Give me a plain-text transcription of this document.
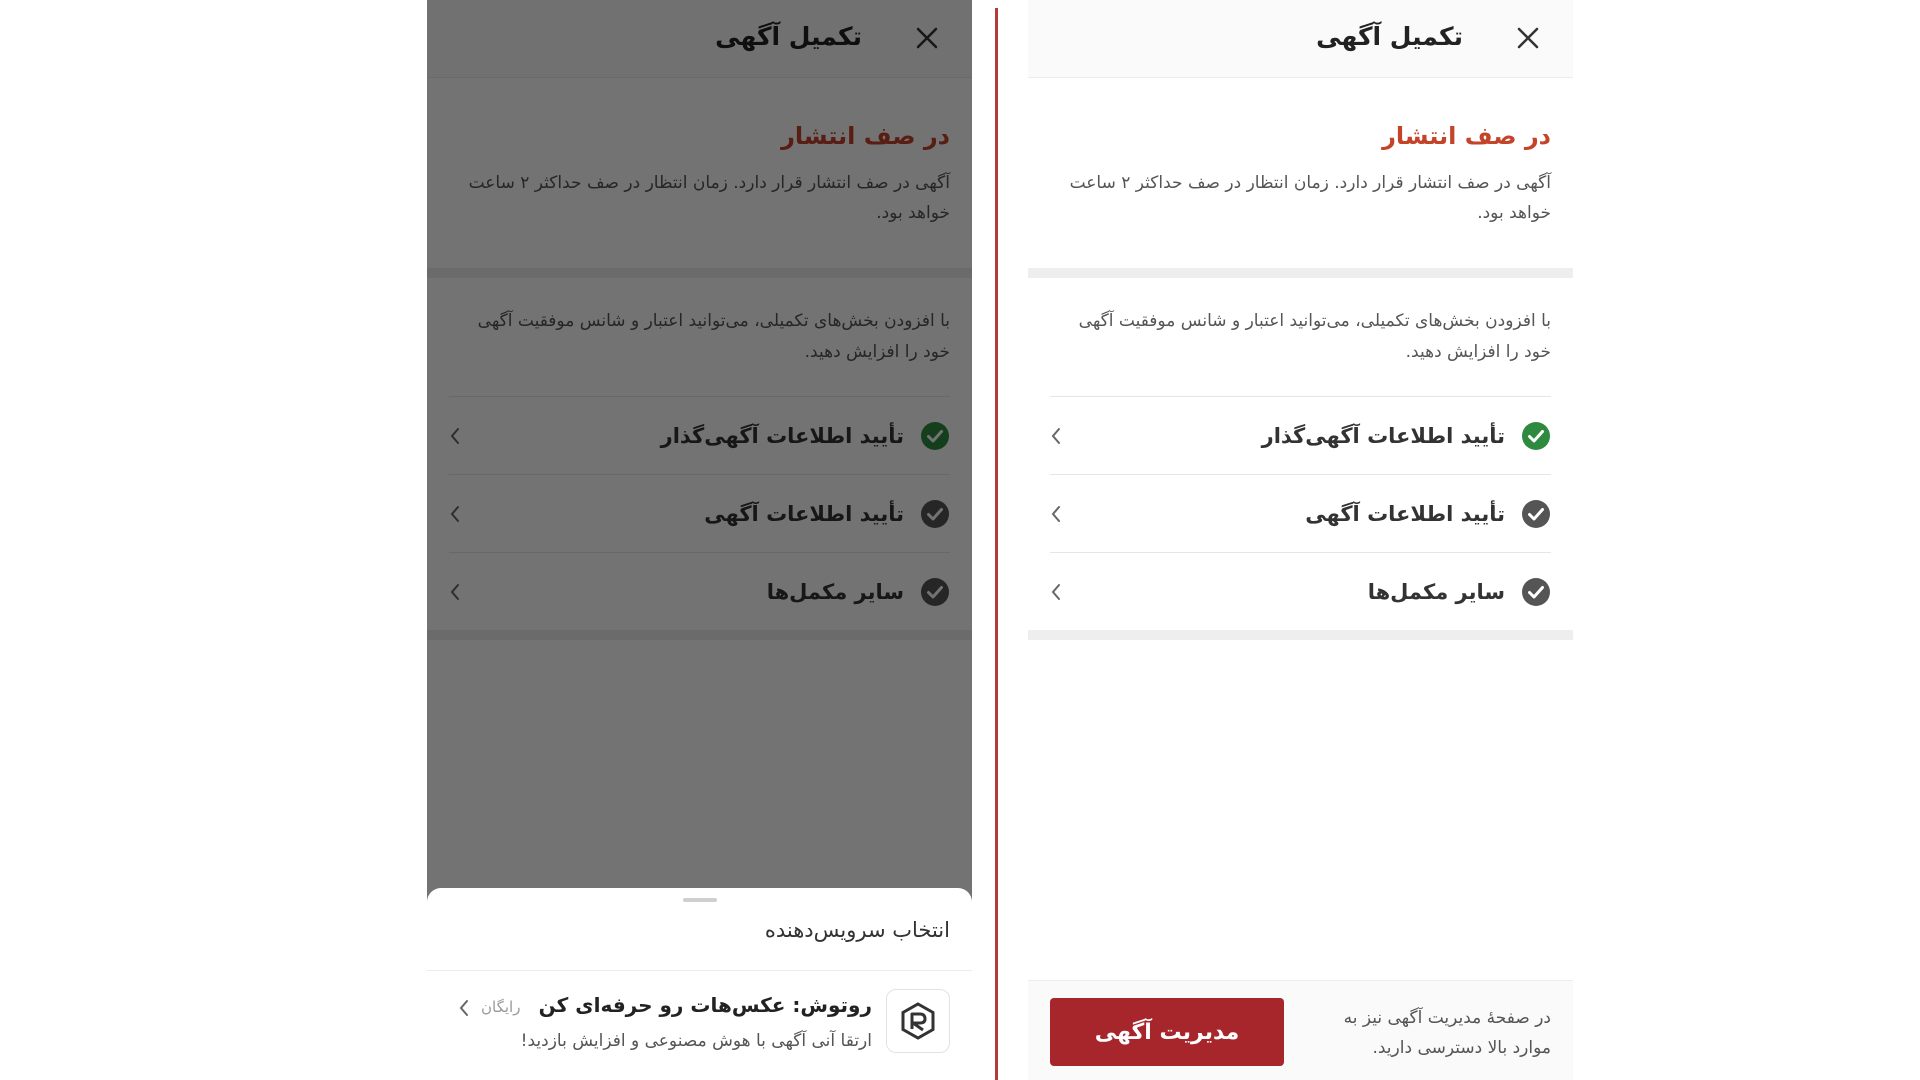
انتخاب سرویس‌دهنده
روتوش: عکس‌هات رو حرفه‌ای کن
ارتقا آنی آگهی با هوش مصنوعی و افزایش بازدید!
رایگان
تکمیل آگهی
در صف انتشار
آگهی در صف انتشار قرار دارد. زمان انتظار در صف حداکثر ۲ ساعت خواهد بود.
با افزودن بخش‌های تکمیلی، می‌توانید اعتبار و شانس موفقیت آگهی خود را افزایش دهید.
تأیید اطلاعات آگهی‌گذار
تأیید اطلاعات آگهی
سایر مکمل‌ها
در صفحهٔ مدیریت آگهی نیز به موارد بالا دسترسی دارید.
مدیریت آگهی
